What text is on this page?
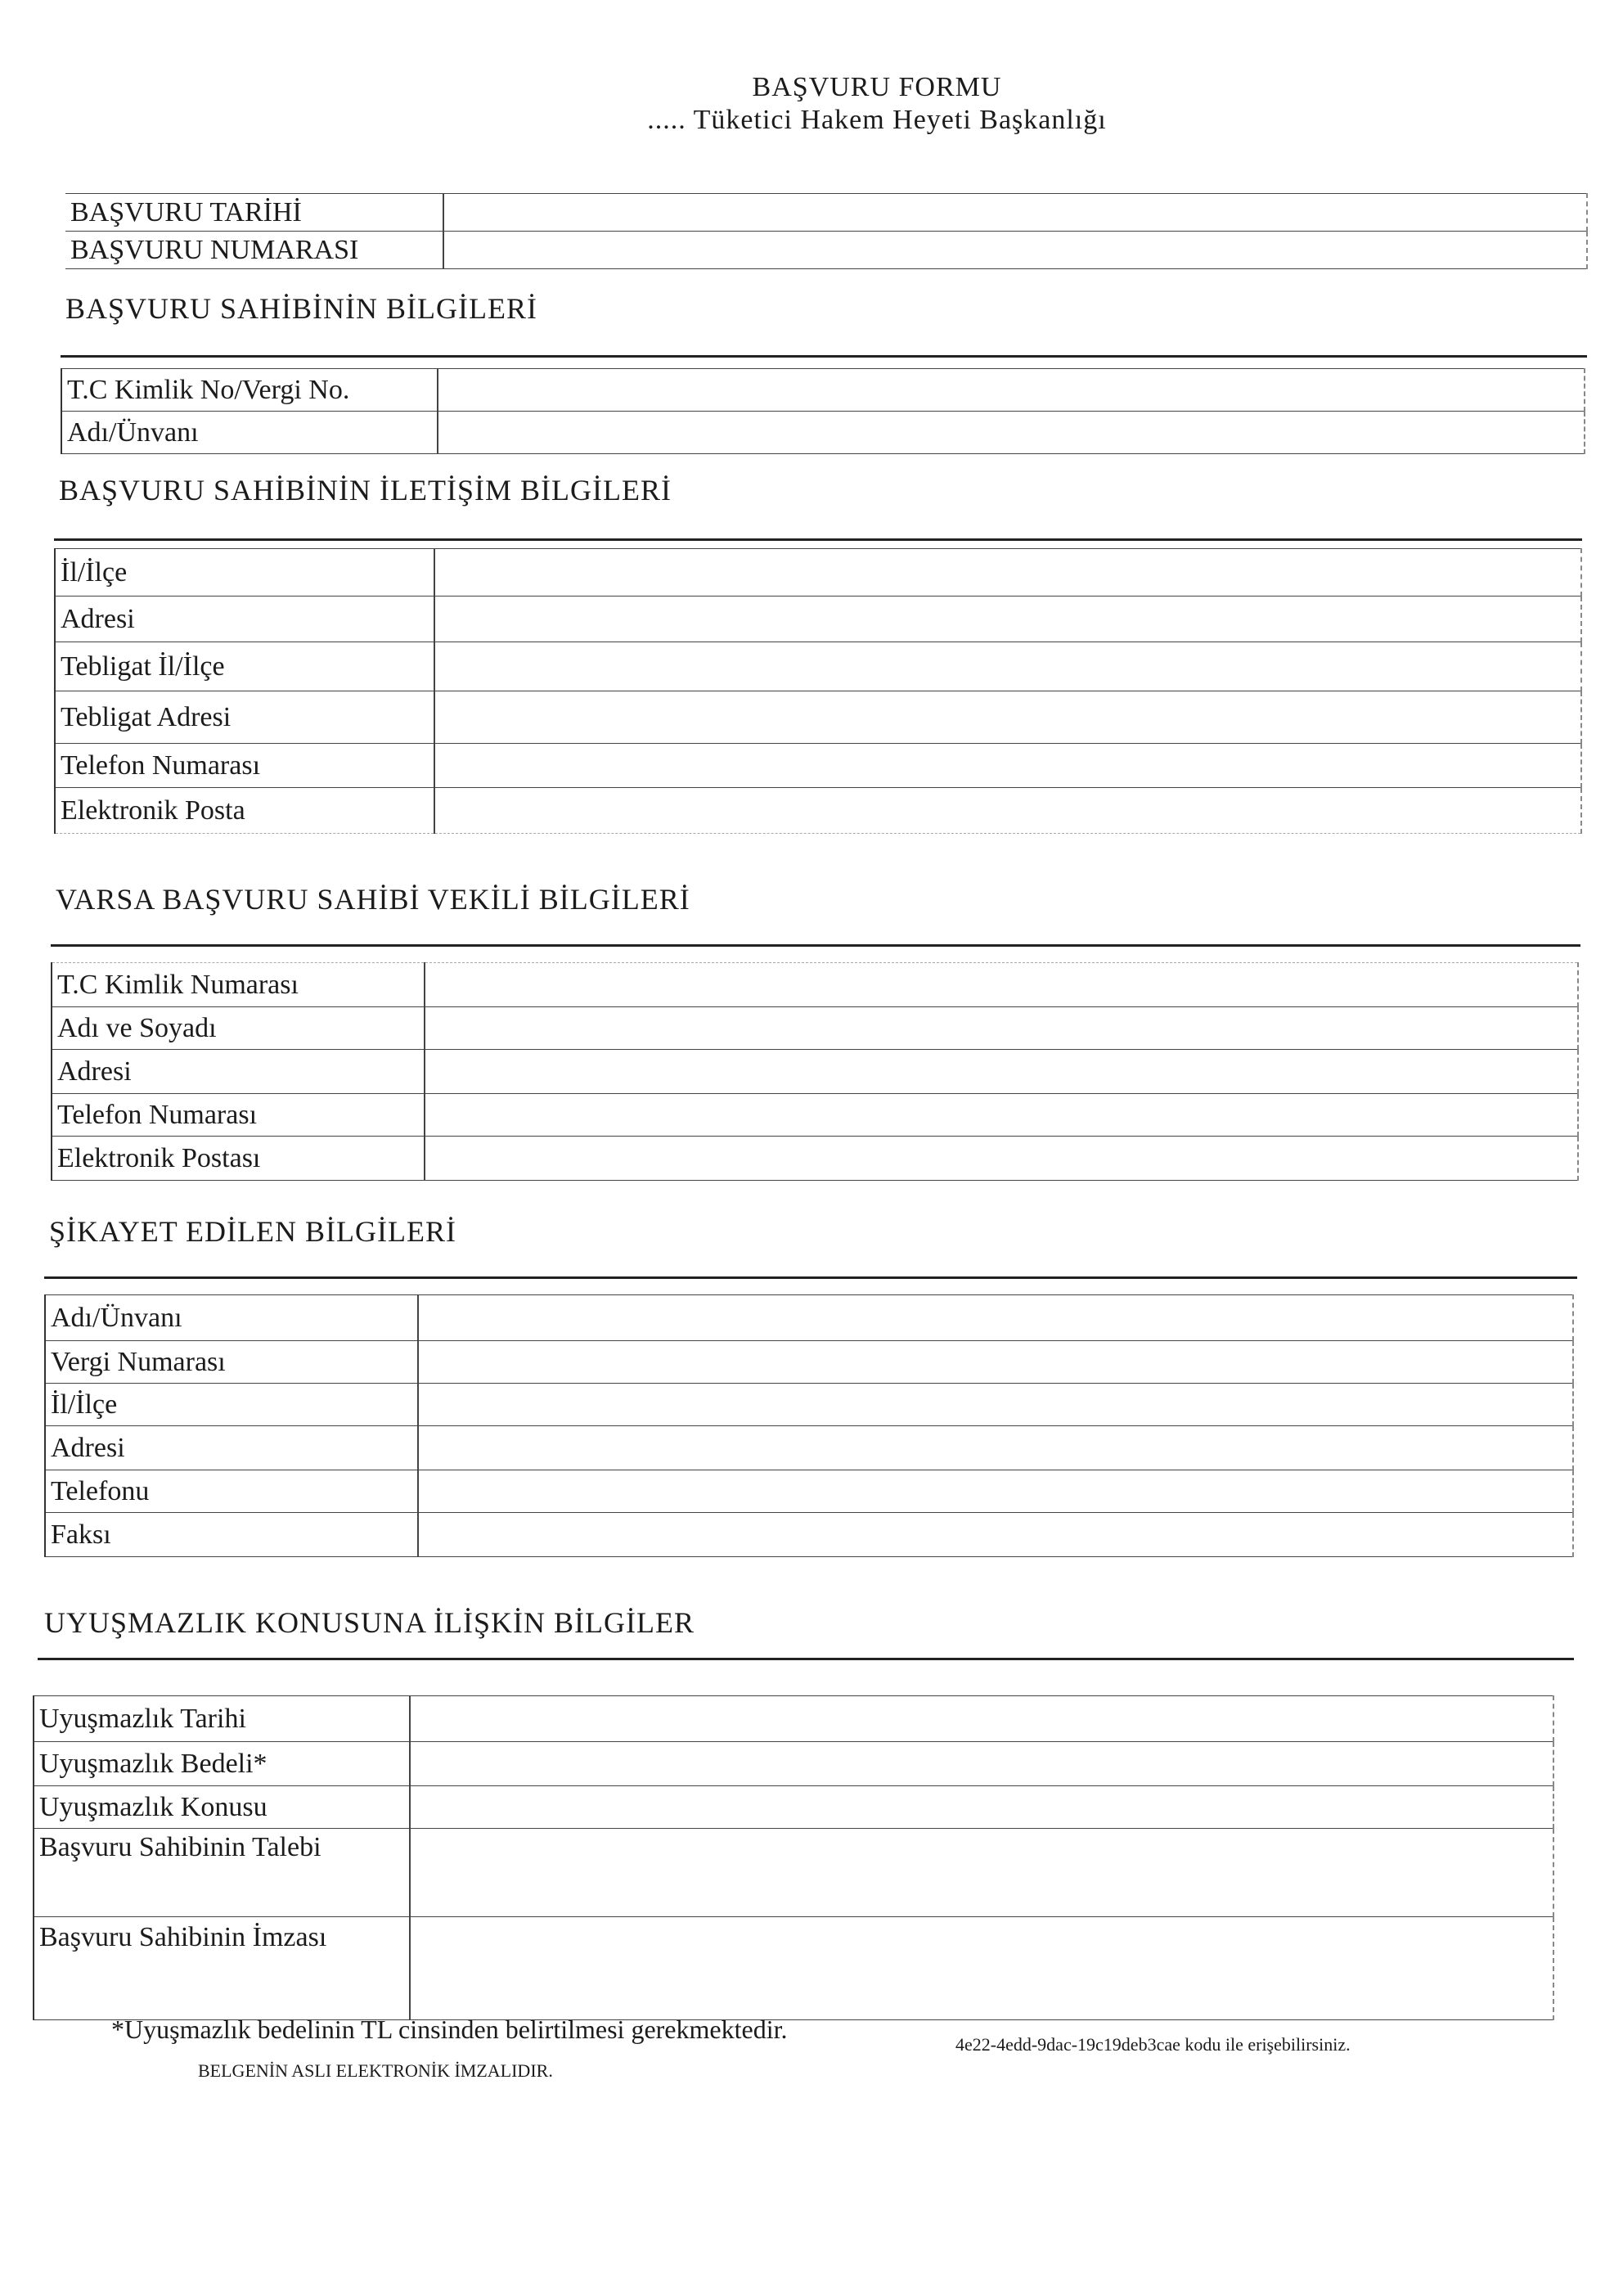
BAŞVURU FORMU
..... Tüketici Hakem Heyeti Başkanlığı
BAŞVURU TARİHİ	
BAŞVURU NUMARASI	
BAŞVURU SAHİBİNİN BİLGİLERİ
T.C Kimlik No/Vergi No.	
Adı/Ünvanı	
BAŞVURU SAHİBİNİN İLETİŞİM BİLGİLERİ
İl/İlçe	
Adresi	
Tebligat İl/İlçe	
Tebligat Adresi	
Telefon Numarası	
Elektronik Posta	
VARSA BAŞVURU SAHİBİ VEKİLİ BİLGİLERİ
T.C Kimlik Numarası	
Adı ve Soyadı	
Adresi	
Telefon Numarası	
Elektronik Postası	
ŞİKAYET EDİLEN BİLGİLERİ
Adı/Ünvanı	
Vergi Numarası	
İl/İlçe	
Adresi	
Telefonu	
Faksı	
UYUŞMAZLIK KONUSUNA İLİŞKİN BİLGİLER
Uyuşmazlık Tarihi	
Uyuşmazlık Bedeli*	
Uyuşmazlık Konusu	
Başvuru Sahibinin Talebi	
Başvuru Sahibinin İmzası	
*Uyuşmazlık bedelinin TL cinsinden belirtilmesi gerekmektedir.
4e22-4edd-9dac-19c19deb3cae kodu ile erişebilirsiniz.
BELGENİN ASLI ELEKTRONİK İMZALIDIR.
